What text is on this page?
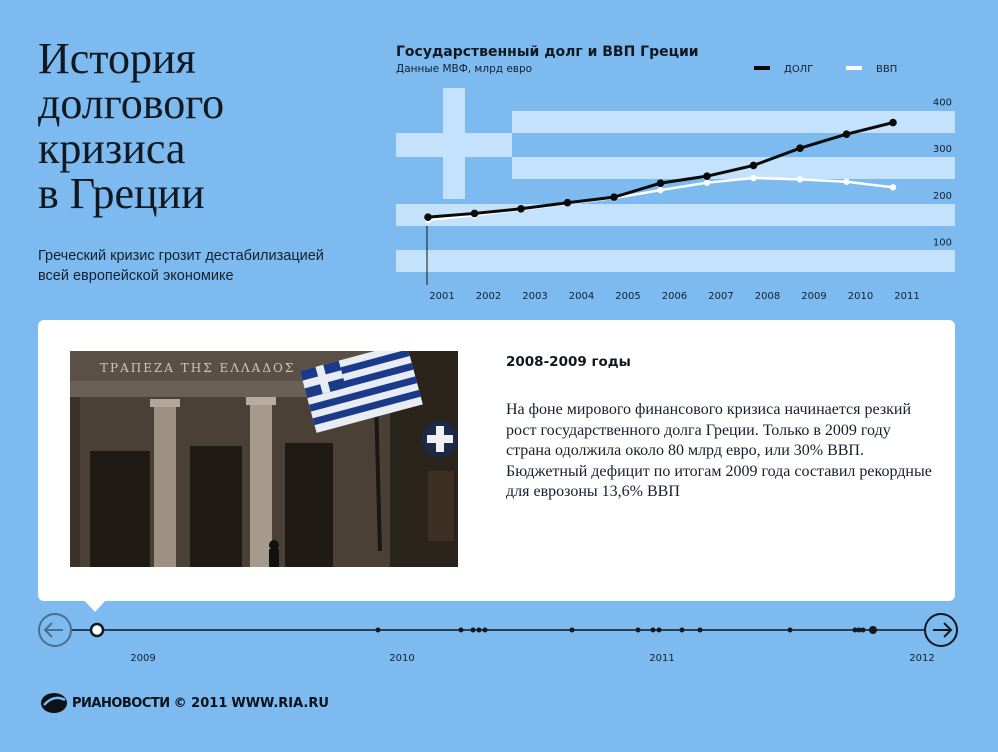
История
долгового
кризиса
в Греции
Греческий кризис грозит дестабилизацией всей европейской экономике
Государственный долг и ВВП Греции
Данные МВФ, млрд евро	ДОЛГ	ВВП
100
200
300
400
2001 2002 2003 2004 2005 2006 2007 2008 2009 2010 2011
ΤΡΑΠΕΖΑ ΤΗΣ ΕΛΛΑΔΟΣ	2008-2009 годы
На фоне мирового финансового кризиса начинается резкий рост государственного долга Греции. Только в 2009 году страна одолжила около 80 млрд евро, или 30% ВВП. Бюджетный дефицит по итогам 2009 года составил рекордные для еврозоны 13,6% ВВП
2009	2010	2011	2012
РИАНОВОСТИ © 2011 WWW.RIA.RU
